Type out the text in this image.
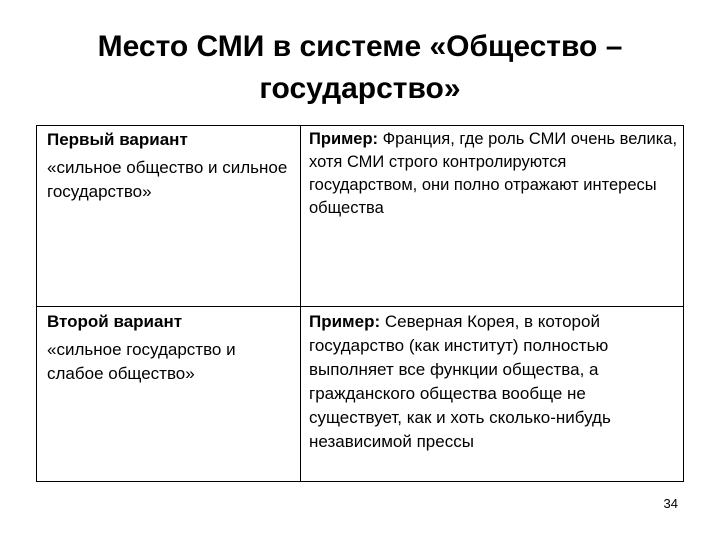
Место СМИ в системе «Общество –
государство»

Первый вариант

«сильное общество и сильное государство»

Пример: Франция, где роль СМИ очень велика, хотя СМИ строго контролируются государством, они полно отражают интересы общества

Второй вариант

«сильное государство и слабое общество»

Пример: Северная Корея, в которой государство (как институт) полностью выполняет все функции общества, а гражданского общества вообще не существует, как и хоть сколько-нибудь независимой прессы
34
